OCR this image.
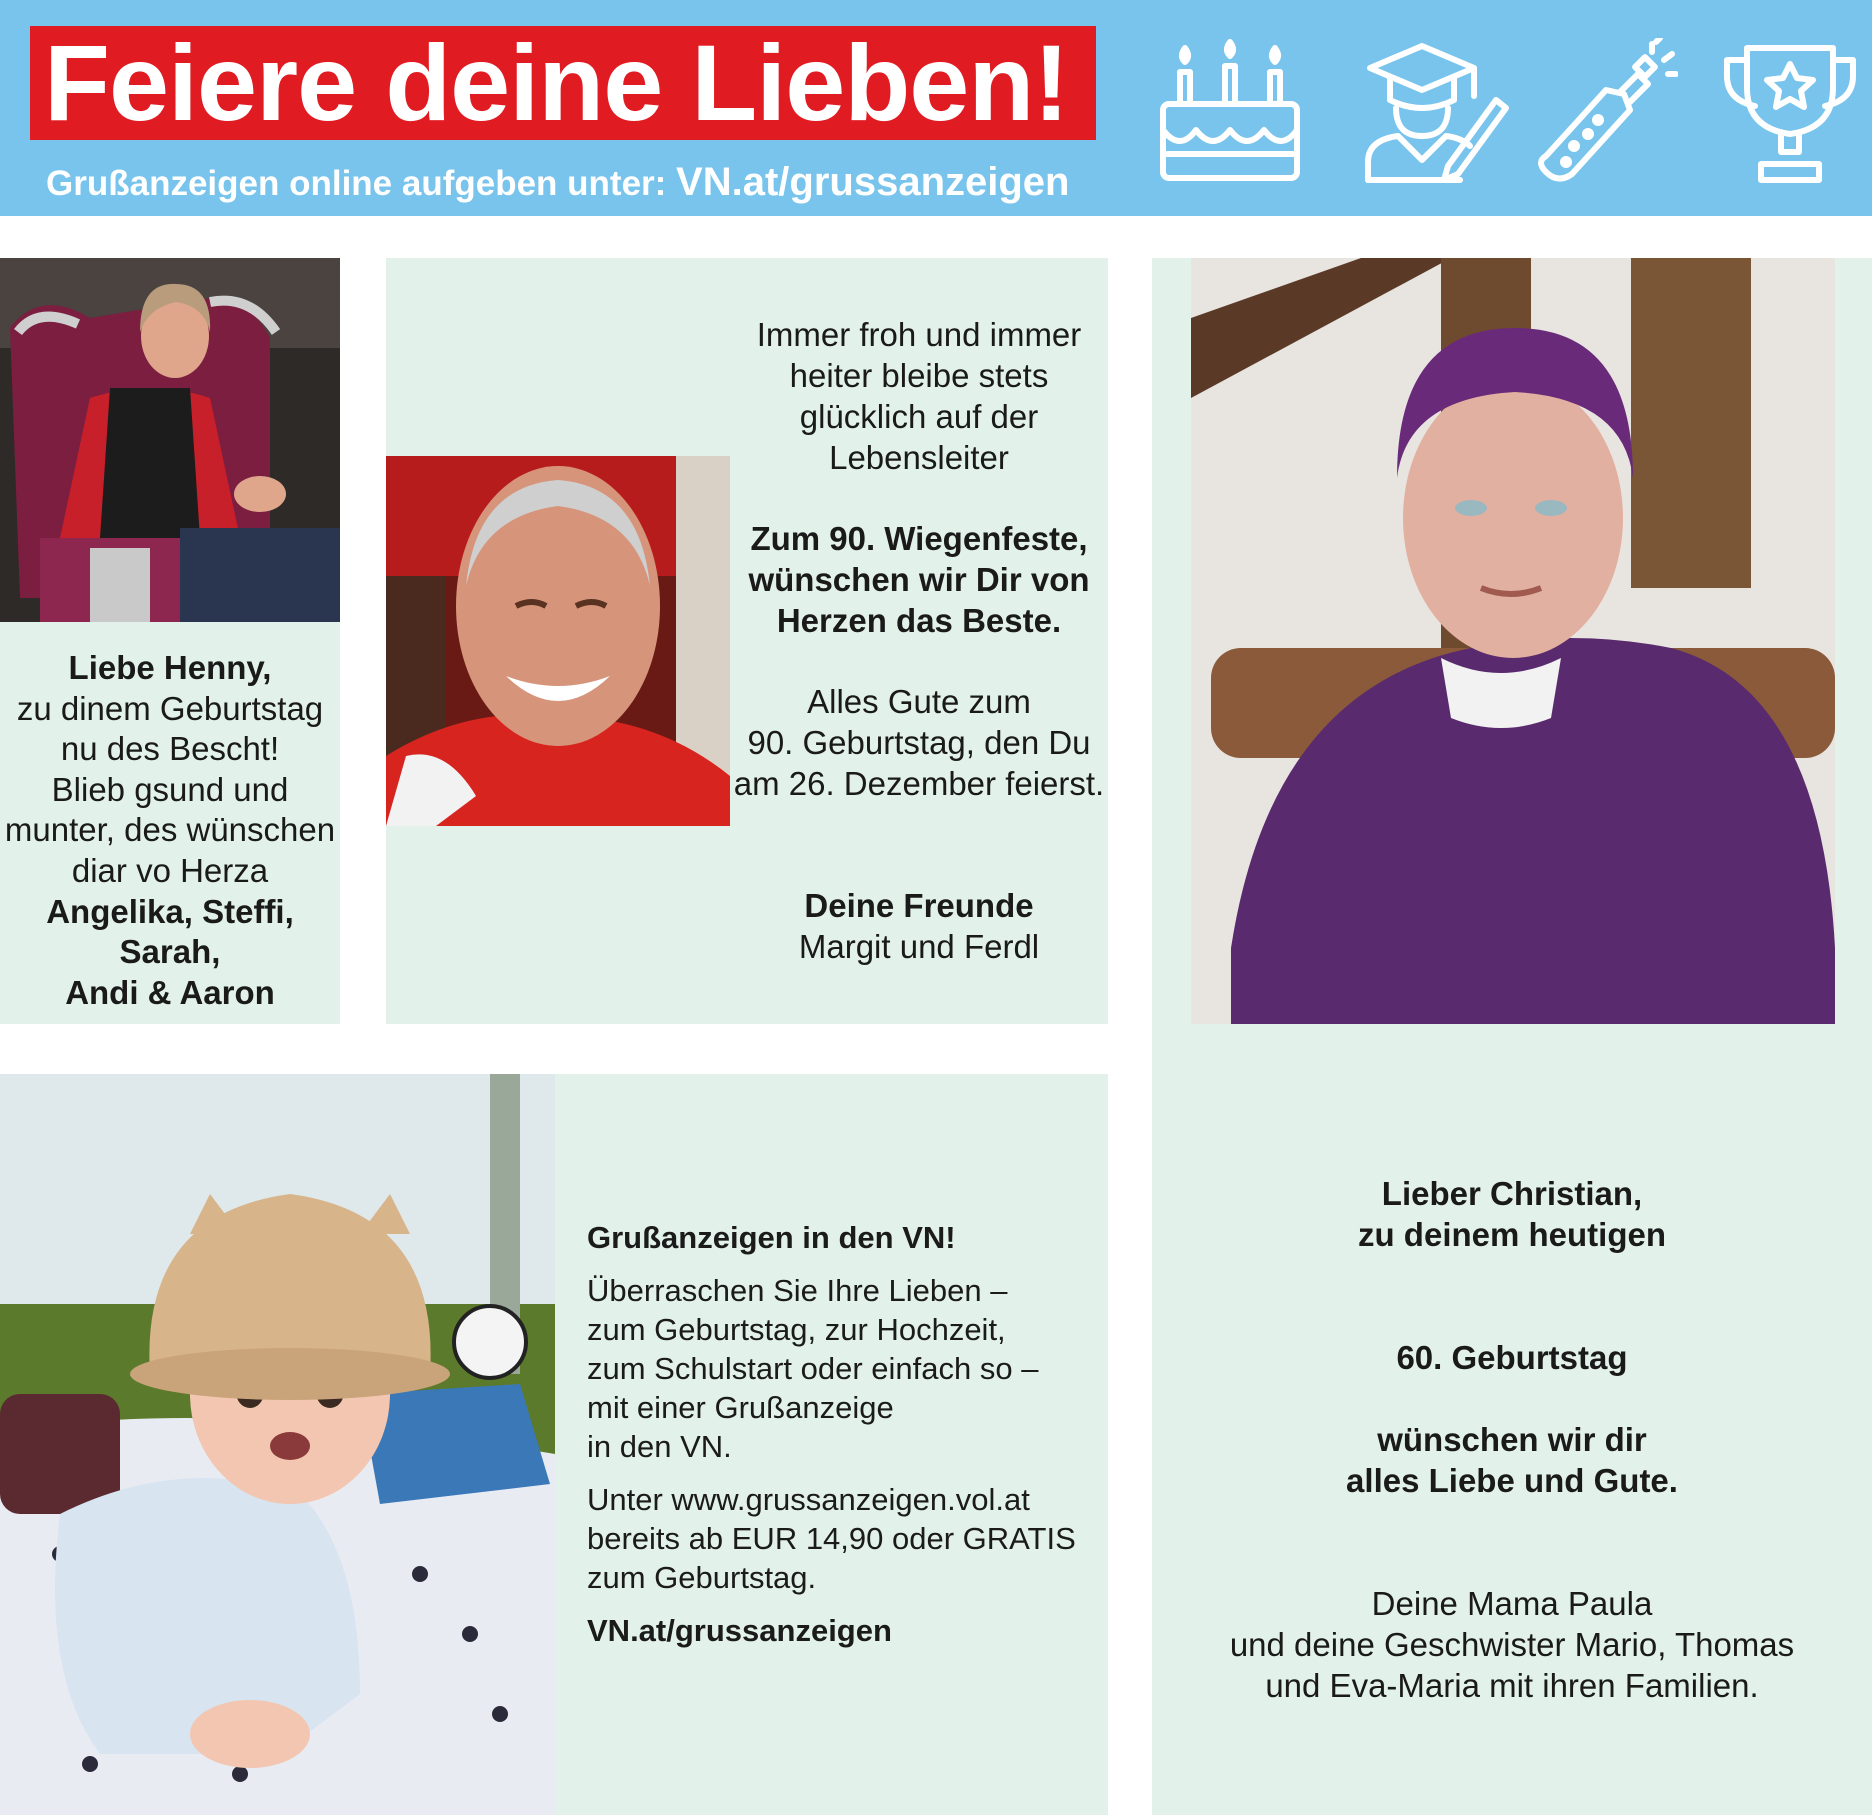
Feiere deine Lieben!
Grußanzeigen online aufgeben unter: VN.at/grussanzeigen

Liebe Henny,

zu dinem Geburtstag

nu des Bescht!

Blieb gsund und

munter, des wünschen

diar vo Herza

Angelika, Steffi, Sarah,

Andi & Aaron

Immer froh und immer

heiter bleibe stets

glücklich auf der

Lebensleiter

Zum 90. Wiegenfeste,

wünschen wir Dir von

Herzen das Beste.

Alles Gute zum

90. Geburtstag, den Du

am 26. Dezember feierst.

Deine Freunde

Margit und Ferdl

Lieber Christian,

zu deinem heutigen

60. Geburtstag

wünschen wir dir

alles Liebe und Gute.

Deine Mama Paula

und deine Geschwister Mario, Thomas

und Eva-Maria mit ihren Familien.

Grußanzeigen in den VN!

Überraschen Sie Ihre Lieben –

zum Geburtstag, zur Hochzeit,

zum Schulstart oder einfach so –

mit einer Grußanzeige

in den VN.

Unter www.grussanzeigen.vol.at

bereits ab EUR 14,90 oder GRATIS

zum Geburtstag.

VN.at/grussanzeigen
